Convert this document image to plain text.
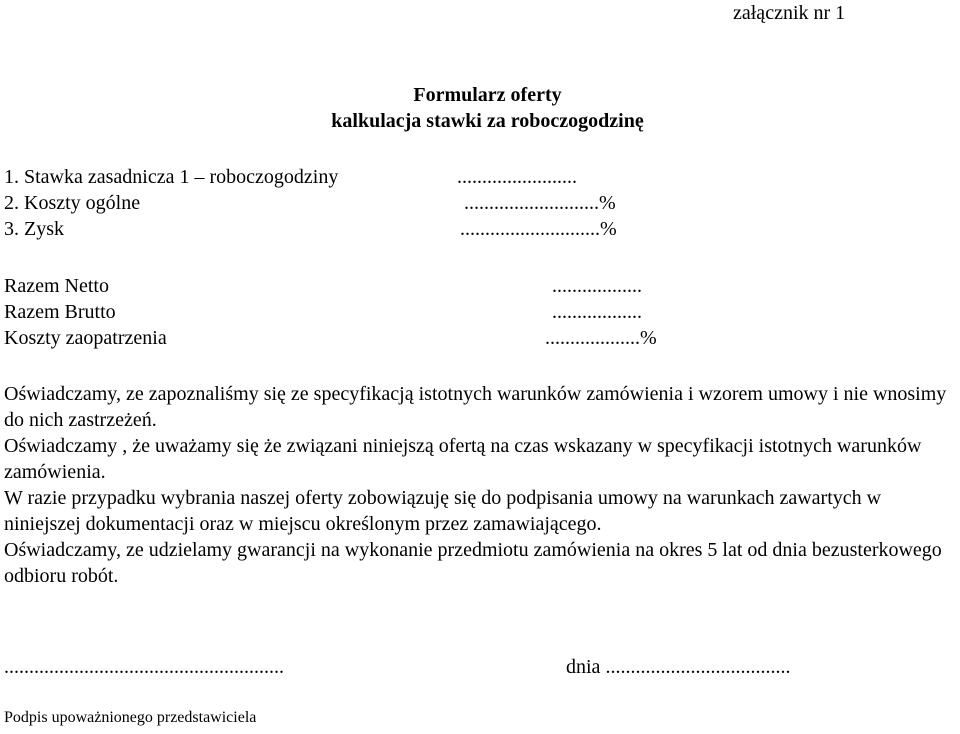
załącznik nr 1
Formularz oferty
kalkulacja stawki za roboczogodzinę
1. Stawka zasadnicza 1 – roboczogodziny	........................
2. Koszty ogólne	...........................%
3. Zysk	............................%
Razem Netto	..................
Razem Brutto	..................
Koszty zaopatrzenia	...................%

Oświadczamy, ze zapoznaliśmy się ze specyfikacją istotnych warunków zamówienia i wzorem umowy i nie wnosimy do nich zastrzeżeń.

Oświadczamy , że uważamy się że związani niniejszą ofertą na czas wskazany w specyfikacji istotnych warunków zamówienia.

W razie przypadku wybrania naszej oferty zobowiązuję się do podpisania umowy na warunkach zawartych w niniejszej dokumentacji oraz w miejscu określonym przez zamawiającego.

Oświadczamy, ze udzielamy gwarancji na wykonanie przedmiotu zamówienia na okres 5 lat od dnia bezusterkowego odbioru robót.

........................................................	dnia .....................................
Podpis upoważnionego przedstawiciela
